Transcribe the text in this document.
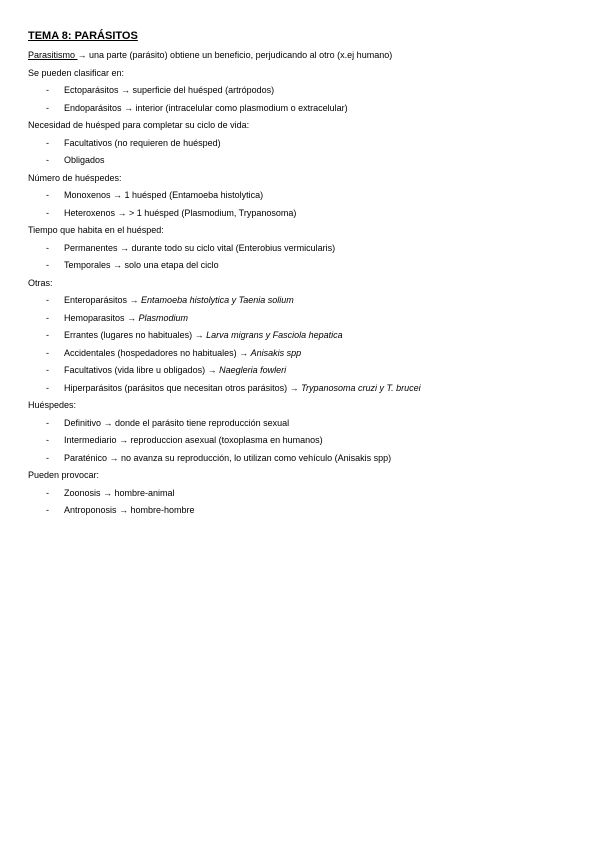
TEMA 8: PARÁSITOS
Parasitismo → una parte (parásito) obtiene un beneficio, perjudicando al otro (x.ej humano)
Se pueden clasificar en:
- Ectoparásitos → superficie del huésped (artrópodos)
- Endoparásitos → interior (intracelular como plasmodium o extracelular)
Necesidad de huésped para completar su ciclo de vida:
- Facultativos (no requieren de huésped)
- Obligados
Número de huéspedes:
- Monoxenos → 1 huésped (Entamoeba histolytica)
- Heteroxenos → > 1 huésped (Plasmodium, Trypanosoma)
Tiempo que habita en el huésped:
- Permanentes → durante todo su ciclo vital (Enterobius vermicularis)
- Temporales → solo una etapa del ciclo
Otras:
- Enteroparásitos → Entamoeba histolytica y Taenia solium
- Hemoparasitos → Plasmodium
- Errantes (lugares no habituales) → Larva migrans y Fasciola hepatica
- Accidentales (hospedadores no habituales) → Anisakis spp
- Facultativos (vida libre u obligados) → Naegleria fowleri
- Hiperparásitos (parásitos que necesitan otros parásitos) → Trypanosoma cruzi y T. brucei
Huéspedes:
- Definitivo → donde el parásito tiene reproducción sexual
- Intermediario → reproduccion asexual (toxoplasma en humanos)
- Paraténico → no avanza su reproducción, lo utilizan como vehículo (Anisakis spp)
Pueden provocar:
- Zoonosis → hombre-animal
- Antroponosis → hombre-hombre
